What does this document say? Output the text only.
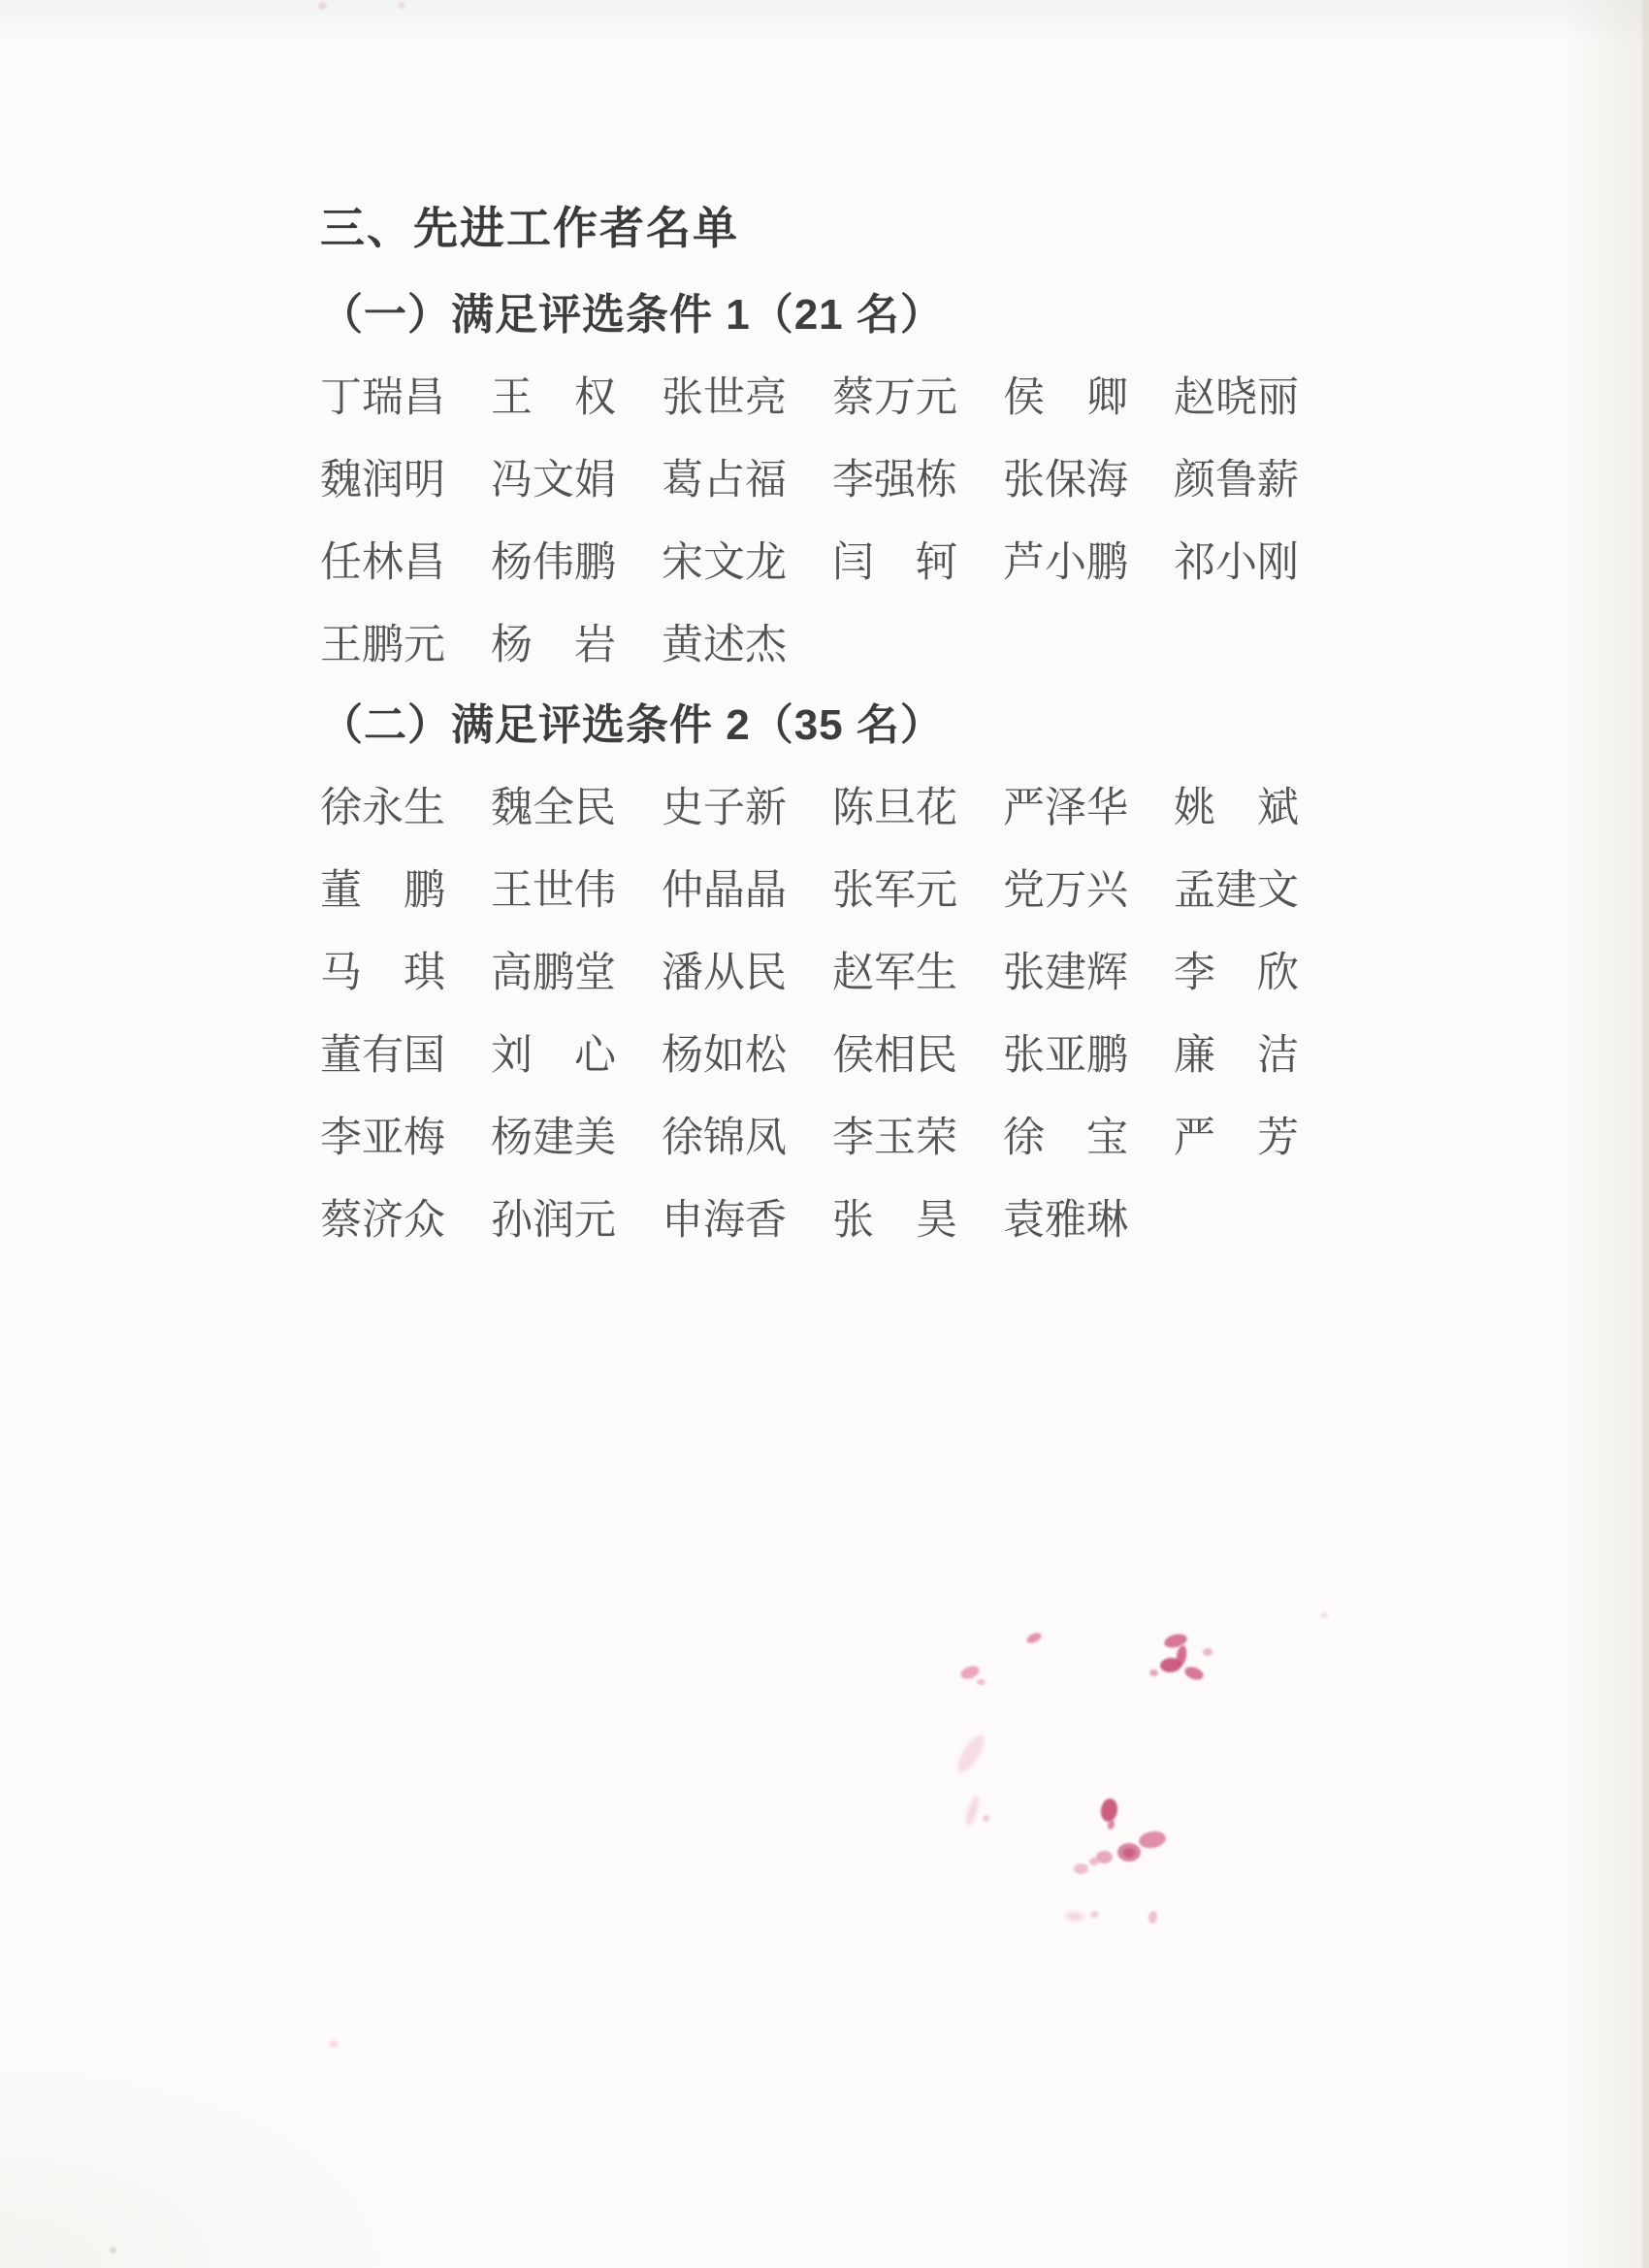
三、先进工作者名单
（一）满足评选条件 1（21 名）
丁瑞昌 王 权 张世亮 蔡万元 侯 卿 赵晓丽
魏润明 冯文娟 葛占福 李强栋 张保海 颜鲁薪
任林昌 杨伟鹏 宋文龙 闫 轲 芦小鹏 祁小刚
王鹏元 杨 岩 黄述杰
（二）满足评选条件 2（35 名）
徐永生 魏全民 史子新 陈旦花 严泽华 姚 斌
董 鹏 王世伟 仲晶晶 张军元 党万兴 孟建文
马 琪 高鹏堂 潘从民 赵军生 张建辉 李 欣
董有国 刘 心 杨如松 侯相民 张亚鹏 廉 洁
李亚梅 杨建美 徐锦凤 李玉荣 徐 宝 严 芳
蔡济众 孙润元 申海香 张 昊 袁雅琳
